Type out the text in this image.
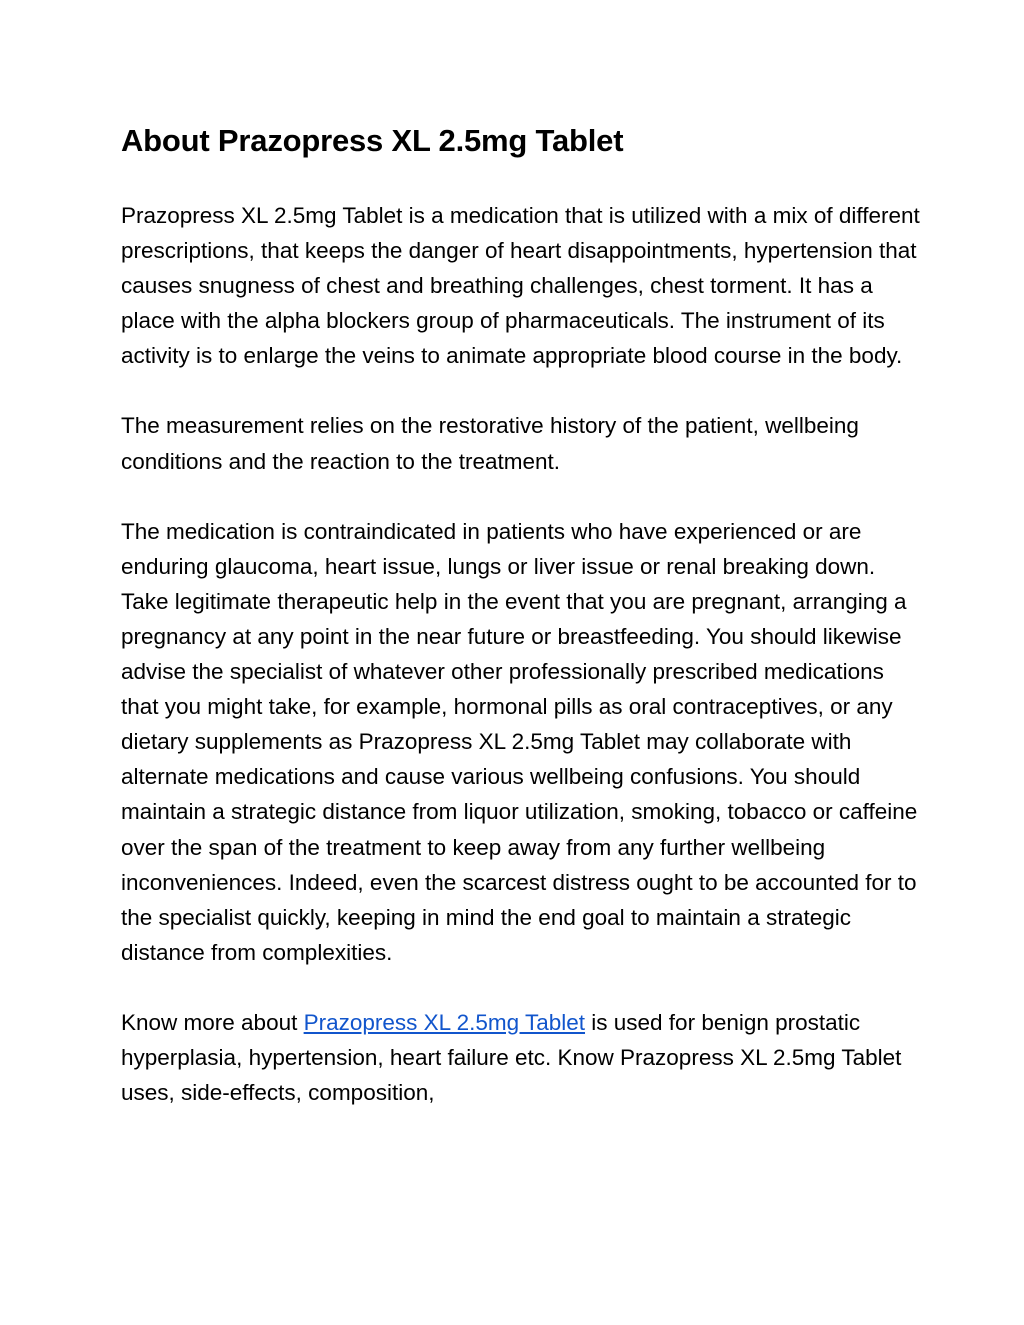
About Prazopress XL 2.5mg Tablet

Prazopress XL 2.5mg Tablet is a medication that is utilized with a mix of different prescriptions, that keeps the danger of heart disappointments, hypertension that causes snugness of chest and breathing challenges, chest torment. It has a place with the alpha blockers group of pharmaceuticals. The instrument of its activity is to enlarge the veins to animate appropriate blood course in the body.

The measurement relies on the restorative history of the patient, wellbeing conditions and the reaction to the treatment.

The medication is contraindicated in patients who have experienced or are enduring glaucoma, heart issue, lungs or liver issue or renal breaking down. Take legitimate therapeutic help in the event that you are pregnant, arranging a pregnancy at any point in the near future or breastfeeding. You should likewise advise the specialist of whatever other professionally prescribed medications that you might take, for example, hormonal pills as oral contraceptives, or any dietary supplements as Prazopress XL 2.5mg Tablet may collaborate with alternate medications and cause various wellbeing confusions. You should maintain a strategic distance from liquor utilization, smoking, tobacco or caffeine over the span of the treatment to keep away from any further wellbeing inconveniences. Indeed, even the scarcest distress ought to be accounted for to the specialist quickly, keeping in mind the end goal to maintain a strategic distance from complexities.

Know more about Prazopress XL 2.5mg Tablet is used for benign prostatic hyperplasia, hypertension, heart failure etc. Know Prazopress XL 2.5mg Tablet uses, side-effects, composition,
